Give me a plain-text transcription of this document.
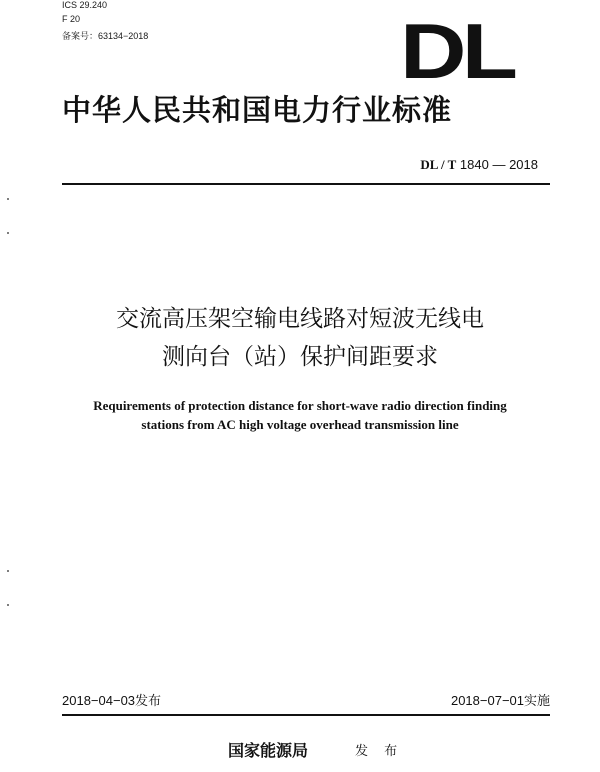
ICS 29.240
F 20
备案号：63134−2018	DL
中华人民共和国电力行业标准
DL / T 1840 — 2018
交流高压架空输电线路对短波无线电
测向台（站）保护间距要求
Requirements of protection distance for short-wave radio direction finding
stations from AC high voltage overhead transmission line
2018−04−03发布	2018−07−01实施
国家能源局	发 布
